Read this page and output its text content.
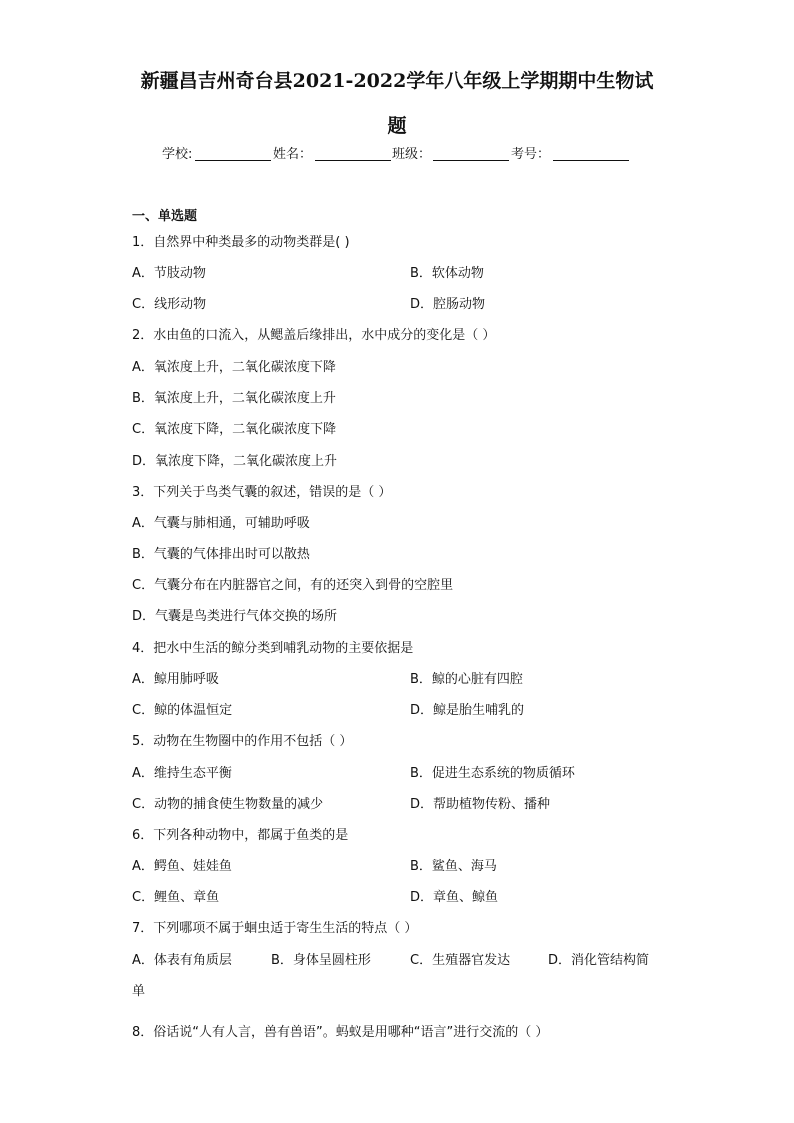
新疆昌吉州奇台县2021-2022学年八年级上学期期中生物试
题
学校:	姓名：	班级：	考号：
一、单选题
1．自然界中种类最多的动物类群是( )
A．节肢动物	B．软体动物
C．线形动物	D．腔肠动物
2．水由鱼的口流入，从鳃盖后缘排出，水中成分的变化是（ ）
A．氧浓度上升，二氧化碳浓度下降
B．氧浓度上升，二氧化碳浓度上升
C．氧浓度下降，二氧化碳浓度下降
D．氧浓度下降，二氧化碳浓度上升
3．下列关于鸟类气囊的叙述，错误的是（ ）
A．气囊与肺相通，可辅助呼吸
B．气囊的气体排出时可以散热
C．气囊分布在内脏器官之间，有的还突入到骨的空腔里
D．气囊是鸟类进行气体交换的场所
4．把水中生活的鲸分类到哺乳动物的主要依据是
A．鲸用肺呼吸	B．鲸的心脏有四腔
C．鲸的体温恒定	D．鲸是胎生哺乳的
5．动物在生物圈中的作用不包括（ ）
A．维持生态平衡	B．促进生态系统的物质循环
C．动物的捕食使生物数量的减少	D．帮助植物传粉、播种
6．下列各种动物中，都属于鱼类的是
A．鳄鱼、娃娃鱼	B．鲨鱼、海马
C．鲤鱼、章鱼	D．章鱼、鲸鱼
7．下列哪项不属于蛔虫适于寄生生活的特点（ ）
A．体表有角质层	B．身体呈圆柱形	C．生殖器官发达	D．消化管结构简
单
8．俗话说“人有人言，兽有兽语”。蚂蚁是用哪种“语言”进行交流的（ ）
